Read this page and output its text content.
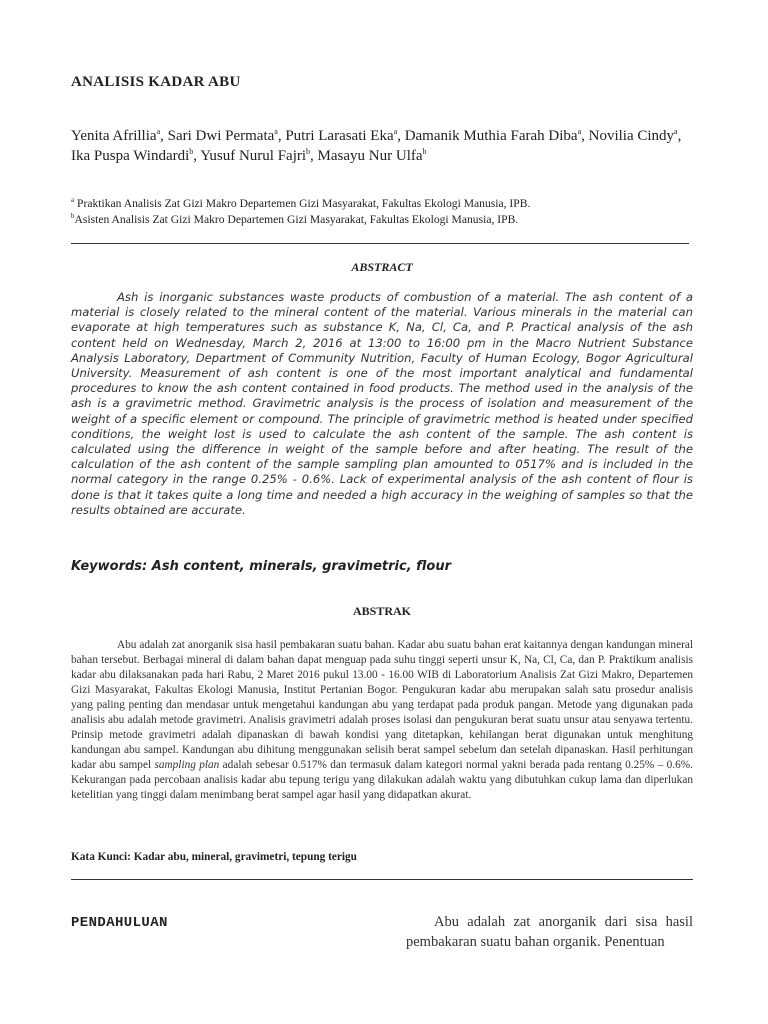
ANALISIS KADAR ABU
Yenita Afrillia$^a$, Sari Dwi Permata$^a$, Putri Larasati Eka$^a$, Damanik Muthia Farah Diba$^a$, Novilia Cindy$^a$,
Ika Puspa Windardi$^b$, Yusuf Nurul Fajri$^b$, Masayu Nur Ulfa$^b$
$^a$ Praktikan Analisis Zat Gizi Makro Departemen Gizi Masyarakat, Fakultas Ekologi Manusia, IPB.
$^b$Asisten Analisis Zat Gizi Makro Departemen Gizi Masyarakat, Fakultas Ekologi Manusia, IPB.
ABSTRACT
Ash is inorganic substances waste products of combustion of a material. The ash content of a material is closely related to the mineral content of the material. Various minerals in the material can evaporate at high temperatures such as substance K, Na, Cl, Ca, and P. Practical analysis of the ash content held on Wednesday, March 2, 2016 at 13:00 to 16:00 pm in the Macro Nutrient Substance Analysis Laboratory, Department of Community Nutrition, Faculty of Human Ecology, Bogor Agricultural University. Measurement of ash content is one of the most important analytical and fundamental procedures to know the ash content contained in food products. The method used in the analysis of the ash is a gravimetric method. Gravimetric analysis is the process of isolation and measurement of the weight of a specific element or compound. The principle of gravimetric method is heated under specified conditions, the weight lost is used to calculate the ash content of the sample. The ash content is calculated using the difference in weight of the sample before and after heating. The result of the calculation of the ash content of the sample sampling plan amounted to 0517% and is included in the normal category in the range 0.25% - 0.6%. Lack of experimental analysis of the ash content of flour is done is that it takes quite a long time and needed a high accuracy in the weighing of samples so that the results obtained are accurate.
Keywords: Ash content, minerals, gravimetric, flour
ABSTRAK
Abu adalah zat anorganik sisa hasil pembakaran suatu bahan. Kadar abu suatu bahan erat kaitannya dengan kandungan mineral bahan tersebut. Berbagai mineral di dalam bahan dapat menguap pada suhu tinggi seperti unsur K, Na, Cl, Ca, dan P. Praktikum analisis kadar abu dilaksanakan pada hari Rabu, 2 Maret 2016 pukul 13.00 - 16.00 WIB di Laboratorium Analisis Zat Gizi Makro, Departemen Gizi Masyarakat, Fakultas Ekologi Manusia, Institut Pertanian Bogor. Pengukuran kadar abu merupakan salah satu prosedur analisis yang paling penting dan mendasar untuk mengetahui kandungan abu yang terdapat pada produk pangan. Metode yang digunakan pada analisis abu adalah metode gravimetri. Analisis gravimetri adalah proses isolasi dan pengukuran berat suatu unsur atau senyawa tertentu. Prinsip metode gravimetri adalah dipanaskan di bawah kondisi yang ditetapkan, kehilangan berat digunakan untuk menghitung kandungan abu sampel. Kandungan abu dihitung menggunakan selisih berat sampel sebelum dan setelah dipanaskan. Hasil perhitungan kadar abu sampel sampling plan adalah sebesar 0.517% dan termasuk dalam kategori normal yakni berada pada rentang 0.25% – 0.6%. Kekurangan pada percobaan analisis kadar abu tepung terigu yang dilakukan adalah waktu yang dibutuhkan cukup lama dan diperlukan ketelitian yang tinggi dalam menimbang berat sampel agar hasil yang didapatkan akurat.
Kata Kunci: Kadar abu, mineral, gravimetri, tepung terigu
PENDAHULUAN	Abu adalah zat anorganik dari sisa hasil pembakaran suatu bahan organik. Penentuan
